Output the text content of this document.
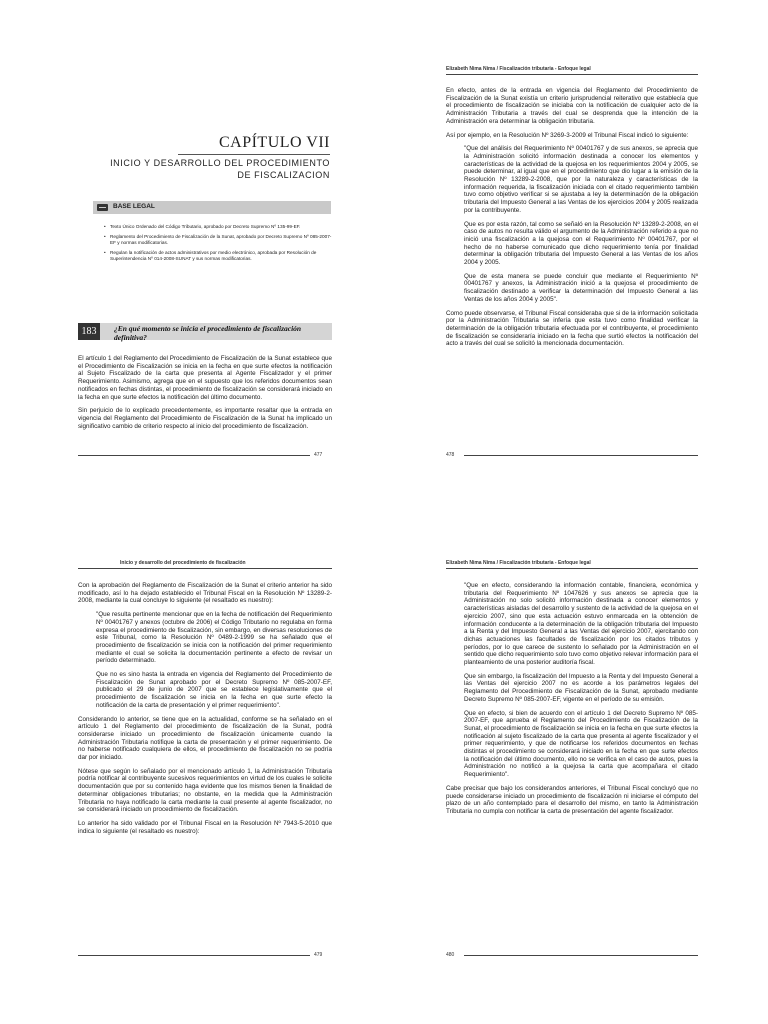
CAPÍTULO VII
INICIO Y DESARROLLO DEL PROCEDIMIENTO
DE FISCALIZACION
BASE LEGAL
• Texto Único Ordenado del Código Tributario, aprobado por Decreto Supremo Nº 135-99-EF.
• Reglamento del Procedimiento de Fiscalización de la Sunat, aprobado por Decreto Supremo Nº 085-2007-EF y normas modificatorias.
• Regulan la notificación de actos administrativos por medio electrónico, aprobada por Resolución de Superintendencia Nº 014-2008-SUNAT y sus normas modificatorias.
183	¿En qué momento se inicia el procedimiento de fiscalización definitiva?

El artículo 1 del Reglamento del Procedimiento de Fiscalización de la Sunat establece que el Procedimiento de Fiscalización se inicia en la fecha en que surte efectos la notificación al Sujeto Fiscalizado de la carta que presenta al Agente Fiscalizador y el primer Requerimiento. Asimismo, agrega que en el supuesto que los referidos documentos sean notificados en fechas distintas, el procedimiento de fiscalización se considerará iniciado en la fecha en que surte efectos la notificación del último documento.

Sin perjuicio de lo explicado precedentemente, es importante resaltar que la entrada en vigencia del Reglamento del Procedimiento de Fiscalización de la Sunat ha implicado un significativo cambio de criterio respecto al inicio del procedimiento de fiscalización.

477
Elizabeth Nima Nima / Fiscalización tributaria - Enfoque legal

En efecto, antes de la entrada en vigencia del Reglamento del Procedimiento de Fiscalización de la Sunat existía un criterio jurisprudencial reiterativo que establecía que el procedimiento de fiscalización se iniciaba con la notificación de cualquier acto de la Administración Tributaria a través del cual se desprenda que la intención de la Administración era determinar la obligación tributaria.

Así por ejemplo, en la Resolución Nº 3269-3-2009 el Tribunal Fiscal indicó lo siguiente:

"Que del análisis del Requerimiento Nº 00401767 y de sus anexos, se aprecia que la Administración solicitó información destinada a conocer los elementos y características de la actividad de la quejosa en los requerimientos 2004 y 2005, se puede determinar, al igual que en el procedimiento que dio lugar a la emisión de la Resolución Nº 13289-2-2008, que por la naturaleza y características de la información requerida, la fiscalización iniciada con el citado requerimiento también tuvo como objetivo verificar si se ajustaba a ley la determinación de la obligación tributaria del Impuesto General a las Ventas de los ejercicios 2004 y 2005 realizada por la contribuyente.

Que es por esta razón, tal como se señaló en la Resolución Nº 13289-2-2008, en el caso de autos no resulta válido el argumento de la Administración referido a que no inició una fiscalización a la quejosa con el Requerimiento Nº 00401767, por el hecho de no haberse comunicado que dicho requerimiento tenía por finalidad determinar la obligación tributaria del Impuesto General a las Ventas de los años 2004 y 2005.

Que de esta manera se puede concluir que mediante el Requerimiento Nº 00401767 y anexos, la Administración inició a la quejosa el procedimiento de fiscalización destinado a verificar la determinación del Impuesto General a las Ventas de los años 2004 y 2005".

Como puede observarse, el Tribunal Fiscal consideraba que si de la información solicitada por la Administración Tributaria se infería que esta tuvo como finalidad verificar la determinación de la obligación tributaria efectuada por el contribuyente, el procedimiento de fiscalización se consideraría iniciado en la fecha que surtió efectos la notificación del acto a través del cual se solicitó la mencionada documentación.

478
Inicio y desarrollo del procedimiento de fiscalización

Con la aprobación del Reglamento de Fiscalización de la Sunat el criterio anterior ha sido modificado, así lo ha dejado establecido el Tribunal Fiscal en la Resolución Nº 13289-2-2008, mediante la cual concluye lo siguiente (el resaltado es nuestro):

"Que resulta pertinente mencionar que en la fecha de notificación del Requerimiento Nº 00401767 y anexos (octubre de 2006) el Código Tributario no regulaba en forma expresa el procedimiento de fiscalización, sin embargo, en diversas resoluciones de este Tribunal, como la Resolución Nº 0489-2-1999 se ha señalado que el procedimiento de fiscalización se inicia con la notificación del primer requerimiento mediante el cual se solicita la documentación pertinente a efecto de revisar un período determinado.

Que no es sino hasta la entrada en vigencia del Reglamento del Procedimiento de Fiscalización de Sunat aprobado por el Decreto Supremo Nº 085-2007-EF, publicado el 29 de junio de 2007 que se establece legislativamente que el procedimiento de fiscalización se inicia en la fecha en que surte efecto la notificación de la carta de presentación y el primer requerimiento".

Considerando lo anterior, se tiene que en la actualidad, conforme se ha señalado en el artículo 1 del Reglamento del procedimiento de fiscalización de la Sunat, podrá considerarse iniciado un procedimiento de fiscalización únicamente cuando la Administración Tributaria notifique la carta de presentación y el primer requerimiento. De no haberse notificado cualquiera de ellos, el procedimiento de fiscalización no se podría dar por iniciado.

Nótese que según lo señalado por el mencionado artículo 1, la Administración Tributaria podría notificar al contribuyente sucesivos requerimientos en virtud de los cuales le solicite documentación que por su contenido haga evidente que los mismos tienen la finalidad de determinar obligaciones tributarias; no obstante, en la medida que la Administración Tributaria no haya notificado la carta mediante la cual presente al agente fiscalizador, no se considerará iniciado un procedimiento de fiscalización.

Lo anterior ha sido validado por el Tribunal Fiscal en la Resolución Nº 7943-5-2010 que indica lo siguiente (el resaltado es nuestro):

479
Elizabeth Nima Nima / Fiscalización tributaria - Enfoque legal

"Que en efecto, considerando la información contable, financiera, económica y tributaria del Requerimiento Nº 1047626 y sus anexos se aprecia que la Administración no solo solicitó información destinada a conocer elementos y características aisladas del desarrollo y sustento de la actividad de la quejosa en el ejercicio 2007, sino que esta actuación estuvo enmarcada en la obtención de información conducente a la determinación de la obligación tributaria del Impuesto a la Renta y del Impuesto General a las Ventas del ejercicio 2007, ejercitando con dichas actuaciones las facultades de fiscalización por los citados tributos y períodos, por lo que carece de sustento lo señalado por la Administración en el sentido que dicho requerimiento solo tuvo como objetivo relevar información para el planteamiento de una posterior auditoría fiscal.

Que sin embargo, la fiscalización del Impuesto a la Renta y del Impuesto General a las Ventas del ejercicio 2007 no es acorde a los parámetros legales del Reglamento del Procedimiento de Fiscalización de la Sunat, aprobado mediante Decreto Supremo Nº 085-2007-EF, vigente en el período de su emisión.

Que en efecto, si bien de acuerdo con el artículo 1 del Decreto Supremo Nº 085-2007-EF, que aprueba el Reglamento del Procedimiento de Fiscalización de la Sunat, el procedimiento de fiscalización se inicia en la fecha en que surte efectos la notificación al sujeto fiscalizado de la carta que presenta al agente fiscalizador y el primer requerimiento, y que de notificarse los referidos documentos en fechas distintas el procedimiento se considerará iniciado en la fecha en que surte efectos la notificación del último documento, ello no se verifica en el caso de autos, pues la Administración no notificó a la quejosa la carta que acompañara el citado Requerimiento".

Cabe precisar que bajo los considerandos anteriores, el Tribunal Fiscal concluyó que no puede considerarse iniciado un procedimiento de fiscalización ni iniciarse el cómputo del plazo de un año contemplado para el desarrollo del mismo, en tanto la Administración Tributaria no cumpla con notificar la carta de presentación del agente fiscalizador.

480
